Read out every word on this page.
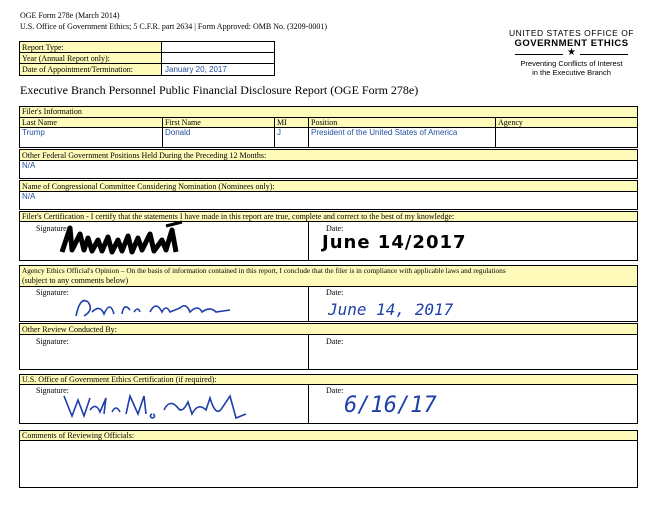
OGE Form 278e (March 2014)
U.S. Office of Government Ethics; 5 C.F.R. part 2634 | Form Approved: OMB No. (3209-0001)
Report Type:
Year (Annual Report only):
Date of Appointment/Termination:	January 20, 2017
UNITED STATES OFFICE OF
GOVERNMENT ETHICS
★
Preventing Conflicts of Interest
in the Executive Branch
Executive Branch Personnel Public Financial Disclosure Report (OGE Form 278e)
Filer's Information
Last Name	First Name	MI	Position	Agency
Trump	Donald	J	President of the United States of America
Other Federal Government Positions Held During the Preceding 12 Months:
N/A
Name of Congressional Committee Considering Nomination (Nominees only):
N/A
Filer's Certification - I certify that the statements I have made in this report are true, complete and correct to the best of my knowledge:
Signature:	Date:
June 14/2017
Agency Ethics Official's Opinion – On the basis of information contained in this report, I conclude that the filer is in compliance with applicable laws and regulations
(subject to any comments below)
Signature:	Date:
June 14, 2017
Other Review Conducted By:
Signature:	Date:
U.S. Office of Government Ethics Certification (if required):
Signature:	Date:
6/16/17
Comments of Reviewing Officials:
